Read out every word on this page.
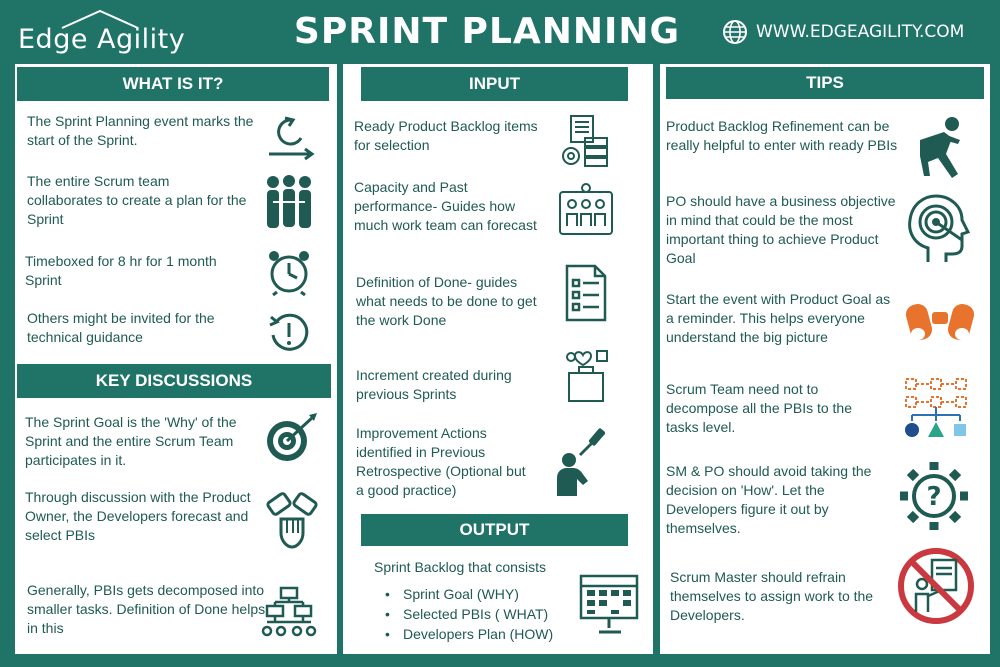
Edge Agility	SPRINT PLANNING	WWW.EDGEAGILITY.COM
WHAT IS IT?
The Sprint Planning event marks the start of the Sprint.
The entire Scrum team collaborates to create a plan for the Sprint
Timeboxed for 8 hr for 1 month Sprint
Others might be invited for the technical guidance
KEY DISCUSSIONS
The Sprint Goal is the 'Why' of the Sprint and the entire Scrum Team participates in it.
Through discussion with the Product Owner, the Developers forecast and select PBIs
Generally, PBIs gets decomposed into smaller tasks. Definition of Done helps in this
INPUT
Ready Product Backlog items for selection
Capacity and Past performance- Guides how much work team can forecast
Definition of Done- guides what needs to be done to get the work Done
Increment created during previous Sprints
Improvement Actions identified in Previous Retrospective (Optional but a good practice)
OUTPUT
Sprint Backlog that consists
• Sprint Goal (WHY)
• Selected PBIs ( WHAT)
• Developers Plan (HOW)
TIPS
Product Backlog Refinement can be really helpful to enter with ready PBIs
PO should have a business objective in mind that could be the most important thing to achieve Product Goal
Start the event with Product Goal as a reminder. This helps everyone understand the big picture
Scrum Team need not to decompose all the PBIs to the tasks level.
SM & PO should avoid taking the decision on 'How'. Let the Developers figure it out by themselves.
?
Scrum Master should refrain themselves to assign work to the Developers.
